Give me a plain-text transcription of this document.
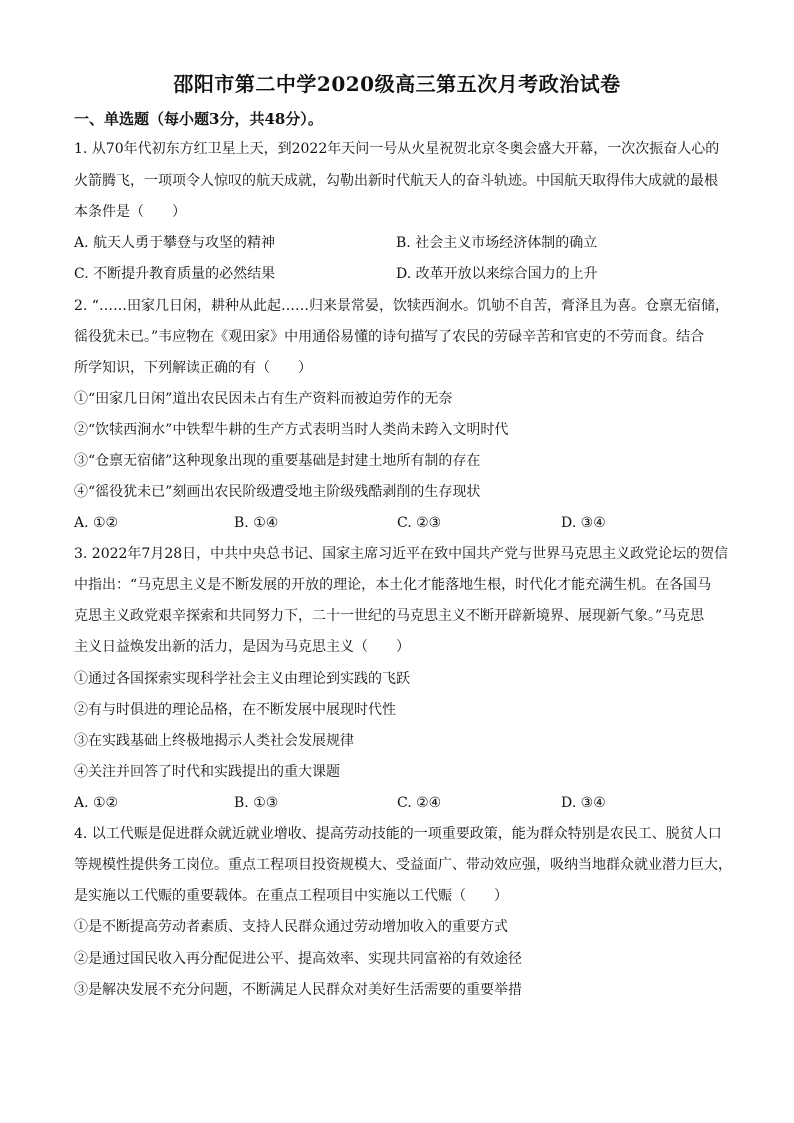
邵阳市第二中学2020级高三第五次月考政治试卷
一、单选题（每小题3分，共48分）。
1. 从70年代初东方红卫星上天，到2022年天问一号从火星祝贺北京冬奥会盛大开幕，一次次振奋人心的
火箭腾飞，一项项令人惊叹的航天成就，勾勒出新时代航天人的奋斗轨迹。中国航天取得伟大成就的最根
本条件是（　　）
A. 航天人勇于攀登与攻坚的精神	B. 社会主义市场经济体制的确立
C. 不断提升教育质量的必然结果	D. 改革开放以来综合国力的上升
2. “……田家几日闲，耕种从此起……归来景常晏，饮犊西涧水。饥劬不自苦，膏泽且为喜。仓禀无宿储，
徭役犹未已。”韦应物在《观田家》中用通俗易懂的诗句描写了农民的劳碌辛苦和官吏的不劳而食。结合
所学知识，下列解读正确的有（　　）
①“田家几日闲”道出农民因未占有生产资料而被迫劳作的无奈
②“饮犊西涧水”中铁犁牛耕的生产方式表明当时人类尚未跨入文明时代
③“仓禀无宿储”这种现象出现的重要基础是封建土地所有制的存在
④“徭役犹未已”刻画出农民阶级遭受地主阶级残酷剥削的生存现状
A. ①②	B. ①④	C. ②③	D. ③④
3. 2022年7月28日，中共中央总书记、国家主席习近平在致中国共产党与世界马克思主义政党论坛的贺信
中指出：“马克思主义是不断发展的开放的理论，本土化才能落地生根，时代化才能充满生机。在各国马
克思主义政党艰辛探索和共同努力下，二十一世纪的马克思主义不断开辟新境界、展现新气象。”马克思
主义日益焕发出新的活力，是因为马克思主义（　　）
①通过各国探索实现科学社会主义由理论到实践的飞跃
②有与时俱进的理论品格，在不断发展中展现时代性
③在实践基础上终极地揭示人类社会发展规律
④关注并回答了时代和实践提出的重大课题
A. ①②	B. ①③	C. ②④	D. ③④
4. 以工代赈是促进群众就近就业增收、提高劳动技能的一项重要政策，能为群众特别是农民工、脱贫人口
等规模性提供务工岗位。重点工程项目投资规模大、受益面广、带动效应强，吸纳当地群众就业潜力巨大，
是实施以工代赈的重要载体。在重点工程项目中实施以工代赈（　　）
①是不断提高劳动者素质、支持人民群众通过劳动增加收入的重要方式
②是通过国民收入再分配促进公平、提高效率、实现共同富裕的有效途径
③是解决发展不充分问题，不断满足人民群众对美好生活需要的重要举措
